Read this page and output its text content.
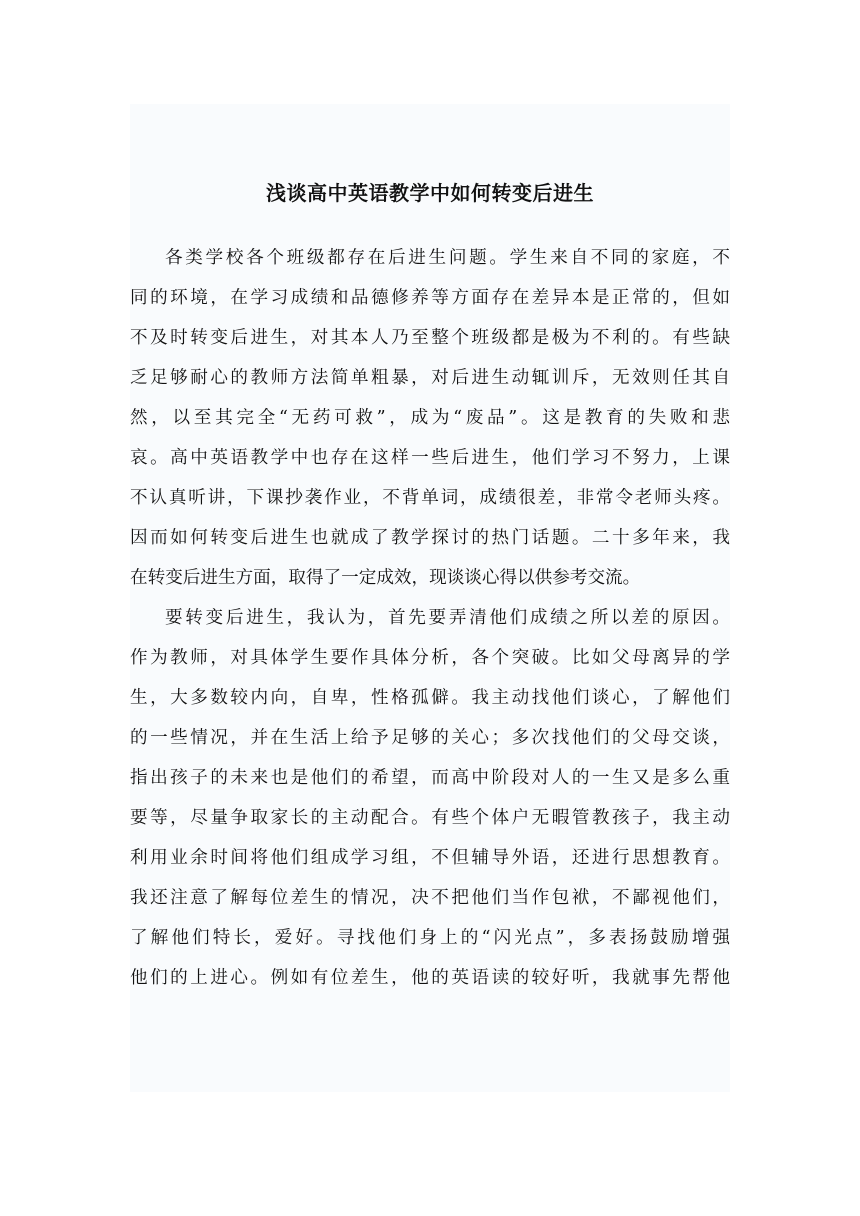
浅谈高中英语教学中如何转变后进生
各类学校各个班级都存在后进生问题。学生来自不同的家庭，不
同的环境，在学习成绩和品德修养等方面存在差异本是正常的，但如
不及时转变后进生，对其本人乃至整个班级都是极为不利的。有些缺
乏足够耐心的教师方法简单粗暴，对后进生动辄训斥，无效则任其自
然，以至其完全“无药可救”，成为“废品”。这是教育的失败和悲
哀。高中英语教学中也存在这样一些后进生，他们学习不努力，上课
不认真听讲，下课抄袭作业，不背单词，成绩很差，非常令老师头疼。
因而如何转变后进生也就成了教学探讨的热门话题。二十多年来，我
在转变后进生方面，取得了一定成效，现谈谈心得以供参考交流。
要转变后进生，我认为，首先要弄清他们成绩之所以差的原因。
作为教师，对具体学生要作具体分析，各个突破。比如父母离异的学
生，大多数较内向，自卑，性格孤僻。我主动找他们谈心，了解他们
的一些情况，并在生活上给予足够的关心；多次找他们的父母交谈，
指出孩子的未来也是他们的希望，而高中阶段对人的一生又是多么重
要等，尽量争取家长的主动配合。有些个体户无暇管教孩子，我主动
利用业余时间将他们组成学习组，不但辅导外语，还进行思想教育。
我还注意了解每位差生的情况，决不把他们当作包袱，不鄙视他们，
了解他们特长，爱好。寻找他们身上的“闪光点”，多表扬鼓励增强
他们的上进心。例如有位差生，他的英语读的较好听，我就事先帮他
